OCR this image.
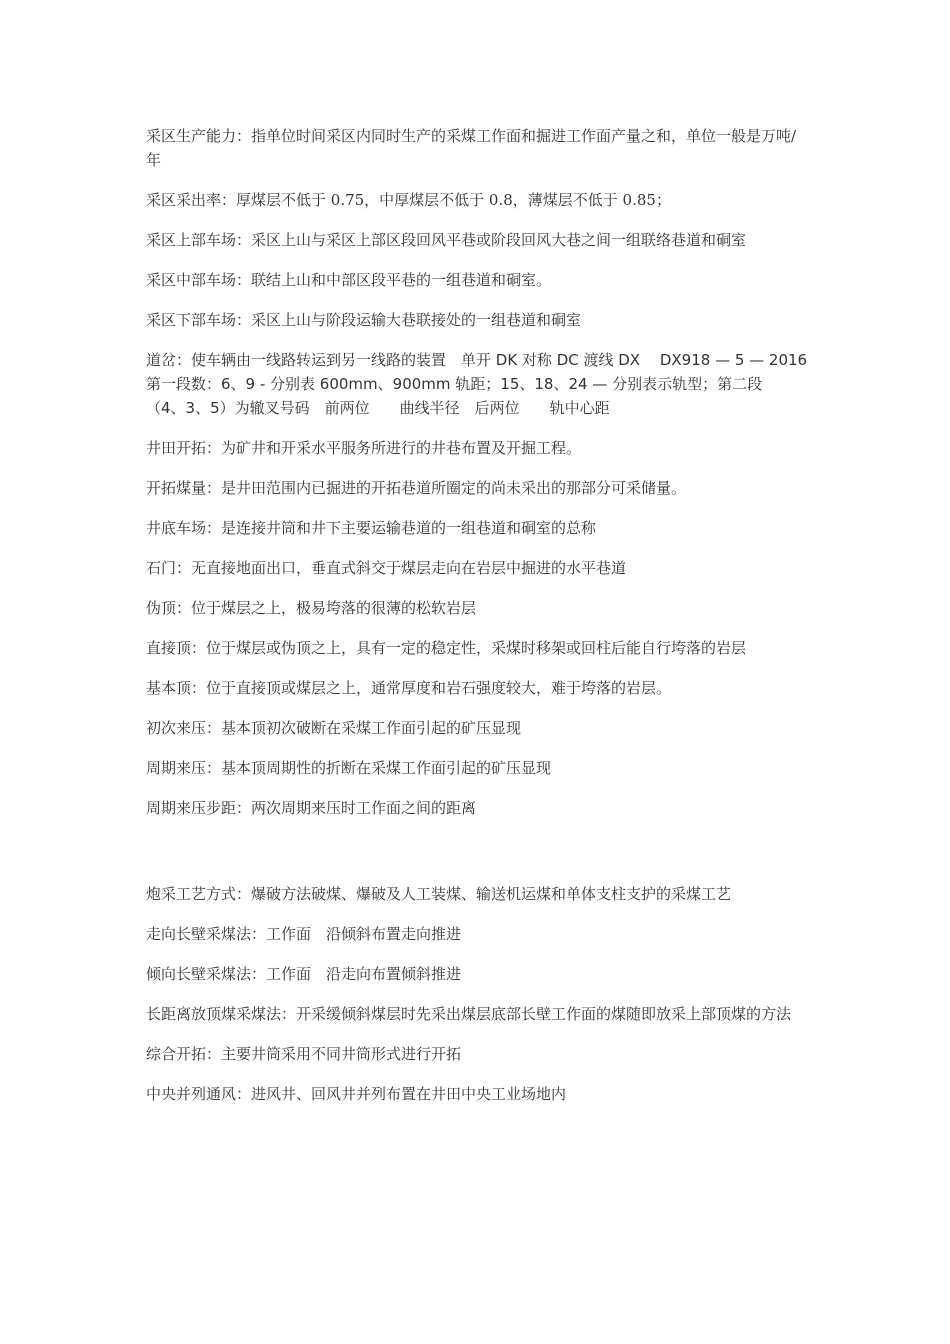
采区生产能力：指单位时间采区内同时生产的采煤工作面和掘进工作面产量之和，单位一般是万吨/年

采区采出率：厚煤层不低于 0.75，中厚煤层不低于 0.8，薄煤层不低于 0.85；

采区上部车场：采区上山与采区上部区段回风平巷或阶段回风大巷之间一组联络巷道和硐室

采区中部车场：联结上山和中部区段平巷的一组巷道和硐室。

采区下部车场：采区上山与阶段运输大巷联接处的一组巷道和硐室

道岔：使车辆由一线路转运到另一线路的装置　单开 DK 对称 DC 渡线 DX　 DX918 — 5 — 2016　第一段数：6、9 - 分别表 600mm、900mm 轨距；15、18、24 — 分别表示轨型；第二段　（4、3、5）为辙叉号码　前两位　　曲线半径　后两位　　轨中心距

井田开拓：为矿井和开采水平服务所进行的井巷布置及开掘工程。

开拓煤量：是井田范围内已掘进的开拓巷道所圈定的尚未采出的那部分可采储量。

井底车场：是连接井筒和井下主要运输巷道的一组巷道和硐室的总称

石门：无直接地面出口，垂直式斜交于煤层走向在岩层中掘进的水平巷道

伪顶：位于煤层之上，极易垮落的很薄的松软岩层

直接顶：位于煤层或伪顶之上，具有一定的稳定性，采煤时移架或回柱后能自行垮落的岩层

基本顶：位于直接顶或煤层之上，通常厚度和岩石强度较大，难于垮落的岩层。

初次来压：基本顶初次破断在采煤工作面引起的矿压显现

周期来压：基本顶周期性的折断在采煤工作面引起的矿压显现

周期来压步距：两次周期来压时工作面之间的距离

炮采工艺方式：爆破方法破煤、爆破及人工装煤、输送机运煤和单体支柱支护的采煤工艺

走向长壁采煤法：工作面　沿倾斜布置走向推进

倾向长壁采煤法：工作面　沿走向布置倾斜推进

长距离放顶煤采煤法：开采缓倾斜煤层时先采出煤层底部长壁工作面的煤随即放采上部顶煤的方法

综合开拓：主要井筒采用不同井筒形式进行开拓

中央并列通风：进风井、回风井并列布置在井田中央工业场地内
